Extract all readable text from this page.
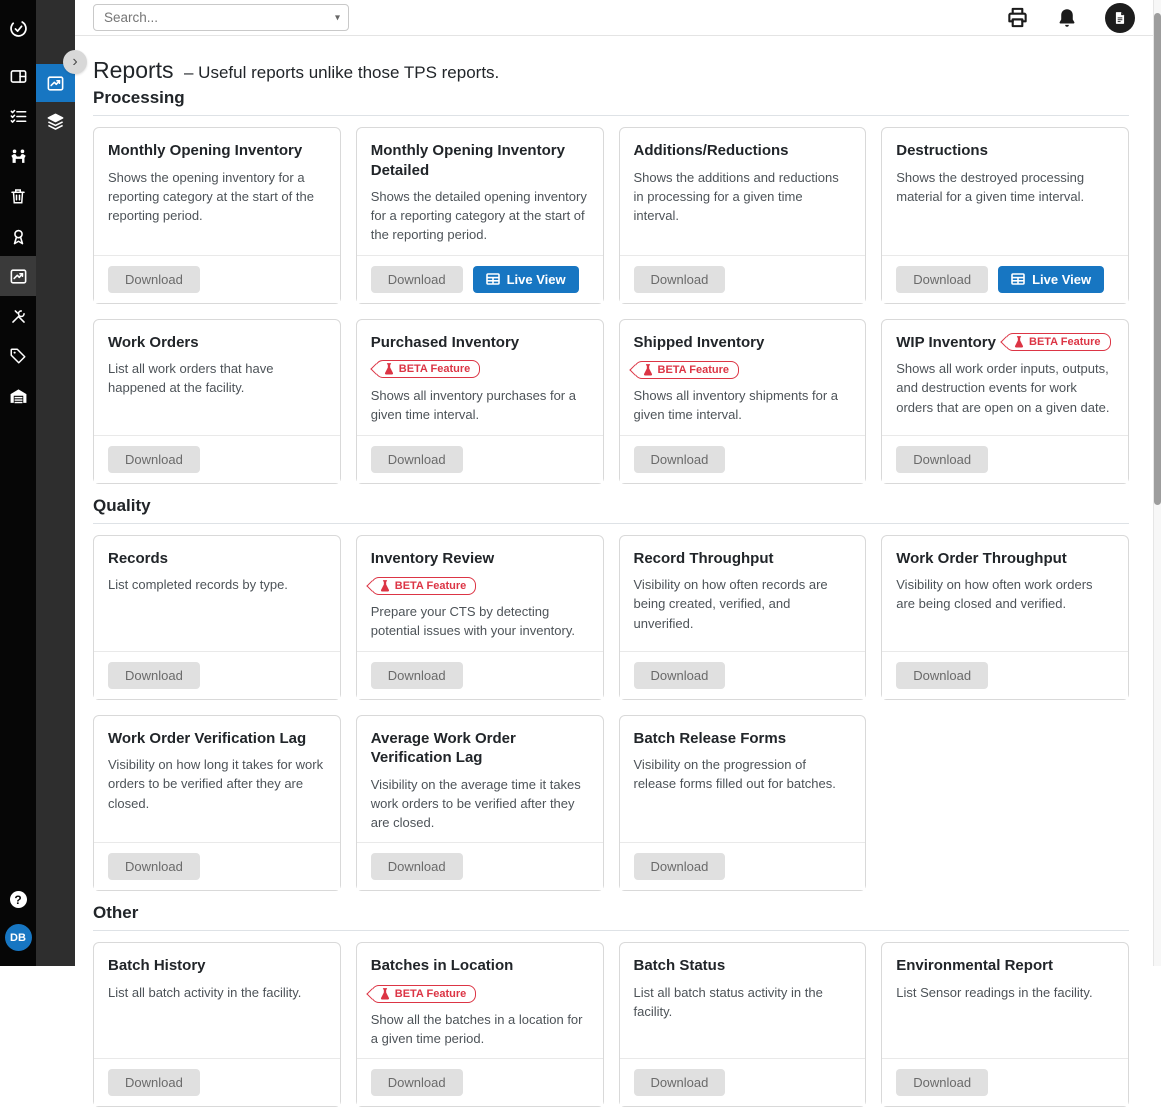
?
DB
›
Search...
▾
Reports – Useful reports unlike those TPS reports.
Processing
Monthly Opening Inventory
Shows the opening inventory for a reporting category at the start of the reporting period.
Download
Monthly Opening Inventory Detailed
Shows the detailed opening inventory for a reporting category at the start of the reporting period.
Download	Live View
Additions/Reductions
Shows the additions and reductions in processing for a given time interval.
Download
Destructions
Shows the destroyed processing material for a given time interval.
Download	Live View
Work Orders
List all work orders that have happened at the facility.
Download
Purchased Inventory
BETA Feature
Shows all inventory purchases for a given time interval.
Download
Shipped Inventory
BETA Feature
Shows all inventory shipments for a given time interval.
Download
WIP Inventory	BETA Feature
Shows all work order inputs, outputs, and destruction events for work orders that are open on a given date.
Download
Quality
Records
List completed records by type.
Download
Inventory Review
BETA Feature
Prepare your CTS by detecting potential issues with your inventory.
Download
Record Throughput
Visibility on how often records are being created, verified, and unverified.
Download
Work Order Throughput
Visibility on how often work orders are being closed and verified.
Download
Work Order Verification Lag
Visibility on how long it takes for work orders to be verified after they are closed.
Download
Average Work Order Verification Lag
Visibility on the average time it takes work orders to be verified after they are closed.
Download
Batch Release Forms
Visibility on the progression of release forms filled out for batches.
Download
Other
Batch History
List all batch activity in the facility.
Download
Batches in Location
BETA Feature
Show all the batches in a location for a given time period.
Download
Batch Status
List all batch status activity in the facility.
Download
Environmental Report
List Sensor readings in the facility.
Download
